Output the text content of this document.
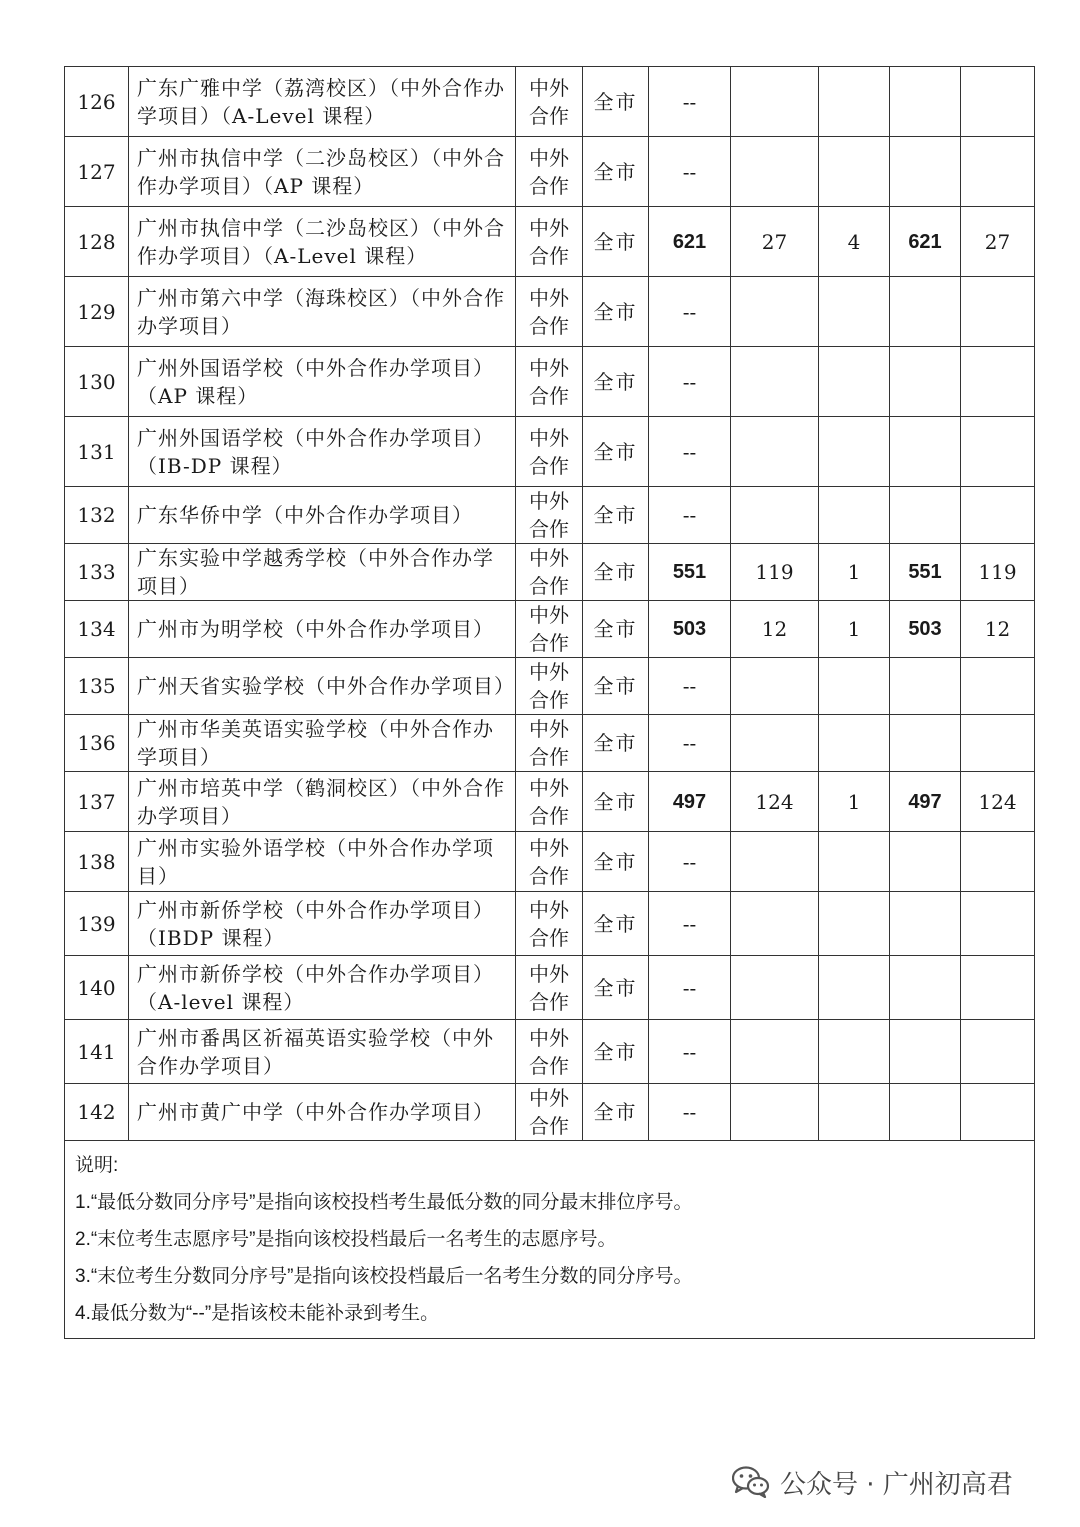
126	广东广雅中学（荔湾校区）（中外合作办学项目）（A-Level 课程）	中外
合作	全市	--				
127	广州市执信中学（二沙岛校区）（中外合作办学项目）（AP 课程）	中外
合作	全市	--				
128	广州市执信中学（二沙岛校区）（中外合作办学项目）（A-Level 课程）	中外
合作	全市	621	27	4	621	27
129	广州市第六中学（海珠校区）（中外合作办学项目）	中外
合作	全市	--				
130	广州外国语学校（中外合作办学项目）（AP 课程）	中外
合作	全市	--				
131	广州外国语学校（中外合作办学项目）（IB-DP 课程）	中外
合作	全市	--				
132	广东华侨中学（中外合作办学项目）	中外
合作	全市	--				
133	广东实验中学越秀学校（中外合作办学项目）	中外
合作	全市	551	119	1	551	119
134	广州市为明学校（中外合作办学项目）	中外
合作	全市	503	12	1	503	12
135	广州天省实验学校（中外合作办学项目）	中外
合作	全市	--				
136	广州市华美英语实验学校（中外合作办学项目）	中外
合作	全市	--				
137	广州市培英中学（鹤洞校区）（中外合作办学项目）	中外
合作	全市	497	124	1	497	124
138	广州市实验外语学校（中外合作办学项目）	中外
合作	全市	--				
139	广州市新侨学校（中外合作办学项目）（IBDP 课程）	中外
合作	全市	--				
140	广州市新侨学校（中外合作办学项目）（A-level 课程）	中外
合作	全市	--				
141	广州市番禺区祈福英语实验学校（中外合作办学项目）	中外
合作	全市	--				
142	广州市黄广中学（中外合作办学项目）	中外
合作	全市	--				

说明:

1.“最低分数同分序号”是指向该校投档考生最低分数的同分最末排位序号。

2.“末位考生志愿序号”是指向该校投档最后一名考生的志愿序号。

3.“末位考生分数同分序号”是指向该校投档最后一名考生分数的同分序号。

4.最低分数为“--”是指该校未能补录到考生。								

公众号 · 广州初高君
